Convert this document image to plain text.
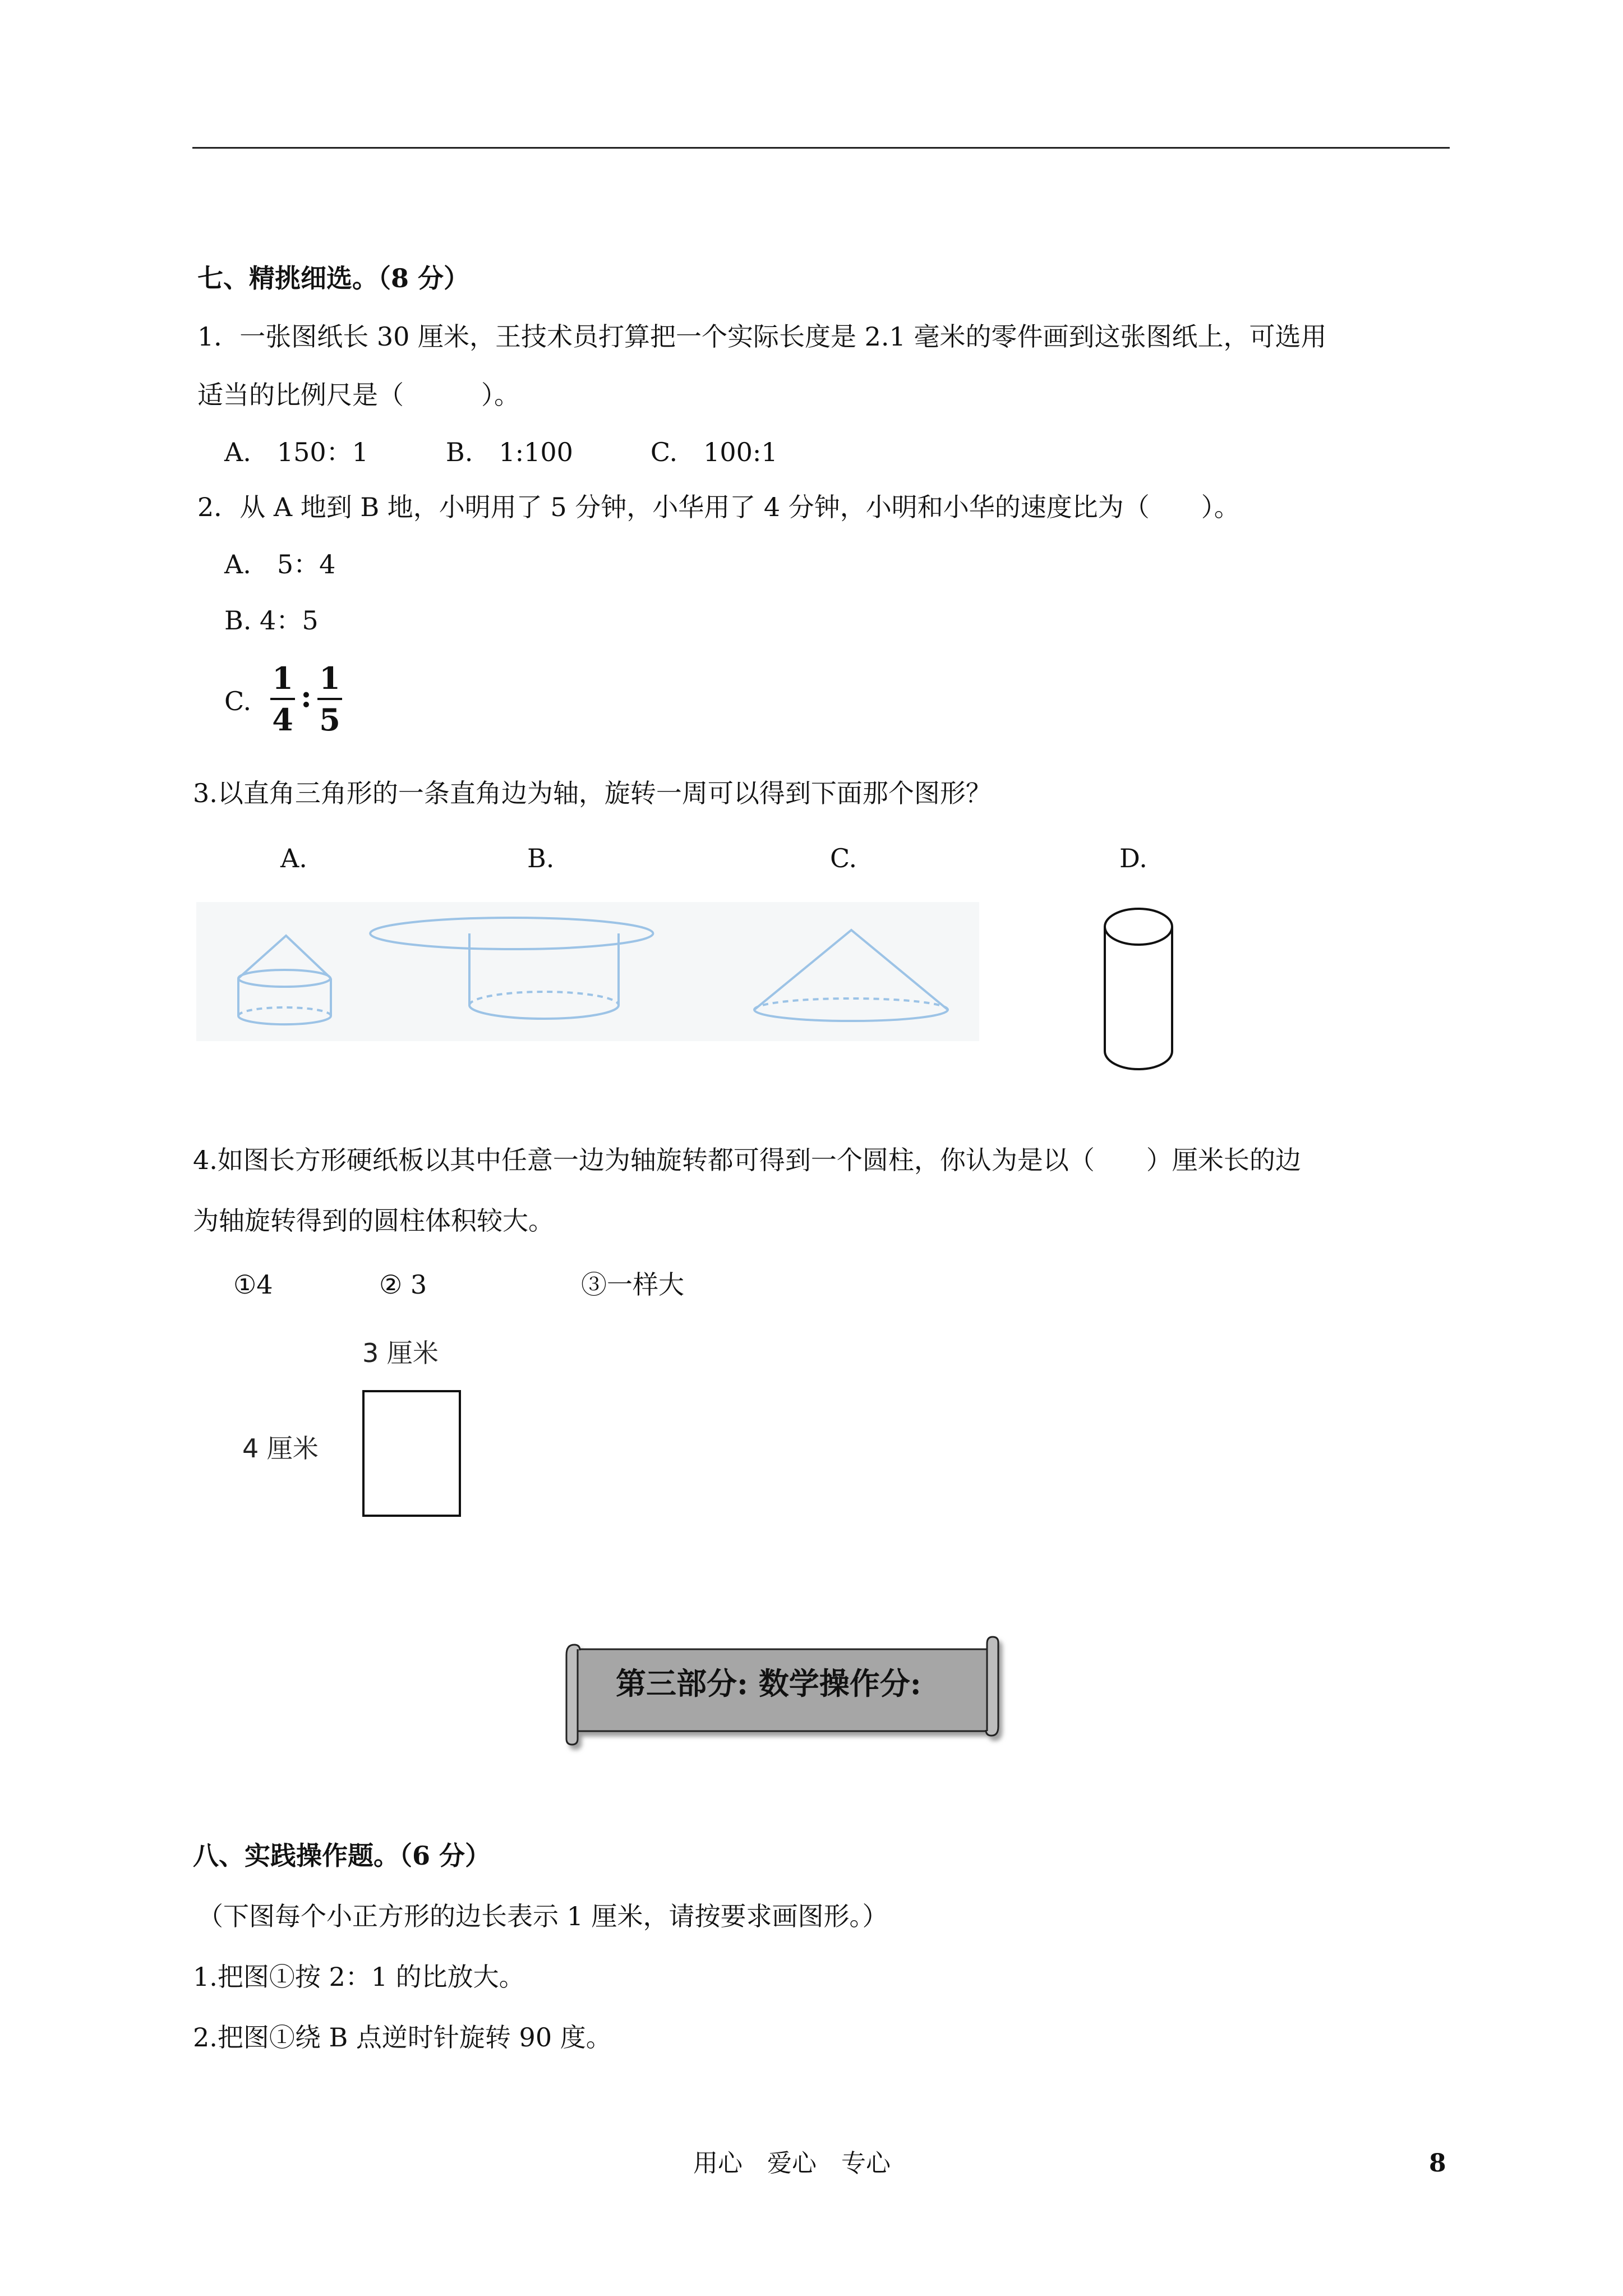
七、精挑细选。（8 分）
1．一张图纸长 30 厘米，王技术员打算把一个实际长度是 2.1 毫米的零件画到这张图纸上，可选用
适当的比例尺是（　　　）。
A.　150：1　　　B.　1:100　　　C.　100:1
2．从 A 地到 B 地，小明用了 5 分钟，小华用了 4 分钟，小明和小华的速度比为（　　）。
A.　5：4
B. 4：5
C.
1
4
: 1
5
3.以直角三角形的一条直角边为轴，旋转一周可以得到下面那个图形？
A.	B.	C.	D.
4.如图长方形硬纸板以其中任意一边为轴旋转都可得到一个圆柱，你认为是以（　　）厘米长的边
为轴旋转得到的圆柱体积较大。
①4	② 3	③一样大
3 厘米
4 厘米
第三部分: 数学操作分:
八、实践操作题。（6 分）
（下图每个小正方形的边长表示 1 厘米，请按要求画图形。）
1.把图①按 2：1 的比放大。
2.把图①绕 B 点逆时针旋转 90 度。
用心　爱心　专心	8
